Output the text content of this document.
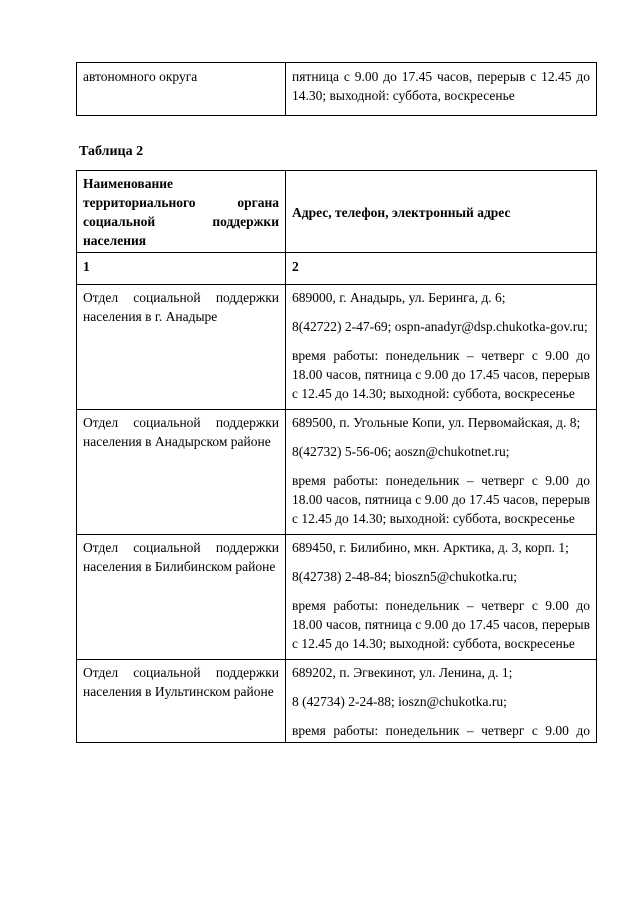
автономного округа	пятница с 9.00 до 17.45 часов, перерыв с 12.45 до 14.30; выходной: суббота, воскресенье
Таблица 2
Наименование
территориального органа
социальной поддержки
населения	Адрес, телефон, электронный адрес
1	2
Отдел социальной поддержки населения в г. Анадыре	689000, г. Анадырь, ул. Беринга, д. 6;

8(42722) 2-47-69; ospn-anadyr@dsp.chukotka-gov.ru;

время работы: понедельник – четверг с 9.00 до 18.00 часов, пятница с 9.00 до 17.45 часов, перерыв с 12.45 до 14.30; выходной: суббота, воскресенье

Отдел социальной поддержки населения в Анадырском районе	689500, п. Угольные Копи, ул. Первомайская, д. 8;

8(42732) 5-56-06; aoszn@chukotnet.ru;

время работы: понедельник – четверг с 9.00 до 18.00 часов, пятница с 9.00 до 17.45 часов, перерыв с 12.45 до 14.30; выходной: суббота, воскресенье

Отдел социальной поддержки населения в Билибинском районе	689450, г. Билибино, мкн. Арктика, д. 3, корп. 1;

8(42738) 2-48-84; bioszn5@chukotka.ru;

время работы: понедельник – четверг с 9.00 до 18.00 часов, пятница с 9.00 до 17.45 часов, перерыв с 12.45 до 14.30; выходной: суббота, воскресенье

Отдел социальной поддержки населения в Иультинском районе	689202, п. Эгвекинот, ул. Ленина, д. 1;

8 (42734) 2-24-88; ioszn@chukotka.ru;

время работы: понедельник – четверг с 9.00 до
